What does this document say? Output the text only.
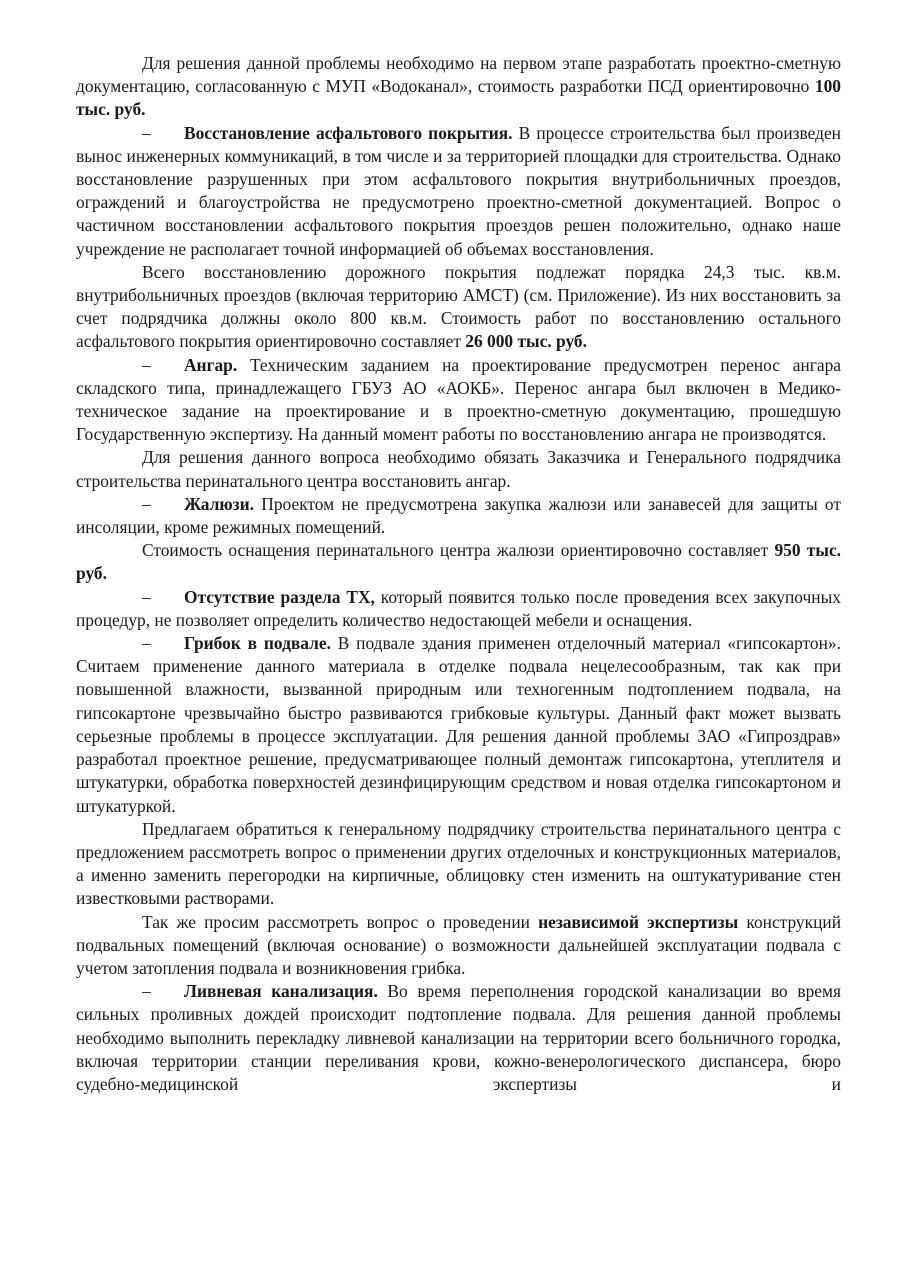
Для решения данной проблемы необходимо на первом этапе разработать проектно-сметную документацию, согласованную с МУП «Водоканал», стоимость разработки ПСД ориентировочно 100 тыс. руб.

– Восстановление асфальтового покрытия. В процессе строительства был произведен вынос инженерных коммуникаций, в том числе и за территорией площадки для строительства. Однако восстановление разрушенных при этом асфальтового покрытия внутрибольничных проездов, ограждений и благоустройства не предусмотрено проектно-сметной документацией. Вопрос о частичном восстановлении асфальтового покрытия проездов решен положительно, однако наше учреждение не располагает точной информацией об объемах восстановления.

Всего восстановлению дорожного покрытия подлежат порядка 24,3 тыс. кв.м. внутрибольничных проездов (включая территорию АМСТ) (см. Приложение). Из них восстановить за счет подрядчика должны около 800 кв.м. Стоимость работ по восстановлению остального асфальтового покрытия ориентировочно составляет 26 000 тыс. руб.

– Ангар. Техническим заданием на проектирование предусмотрен перенос ангара складского типа, принадлежащего ГБУЗ АО «АОКБ». Перенос ангара был включен в Медико-техническое задание на проектирование и в проектно-сметную документацию, прошедшую Государственную экспертизу. На данный момент работы по восстановлению ангара не производятся.

Для решения данного вопроса необходимо обязать Заказчика и Генерального подрядчика строительства перинатального центра восстановить ангар.

– Жалюзи. Проектом не предусмотрена закупка жалюзи или занавесей для защиты от инсоляции, кроме режимных помещений.

Стоимость оснащения перинатального центра жалюзи ориентировочно составляет 950 тыс. руб.

– Отсутствие раздела ТХ, который появится только после проведения всех закупочных процедур, не позволяет определить количество недостающей мебели и оснащения.

– Грибок в подвале. В подвале здания применен отделочный материал «гипсокартон». Считаем применение данного материала в отделке подвала нецелесообразным, так как при повышенной влажности, вызванной природным или техногенным подтоплением подвала, на гипсокартоне чрезвычайно быстро развиваются грибковые культуры. Данный факт может вызвать серьезные проблемы в процессе эксплуатации. Для решения данной проблемы ЗАО «Гипроздрав» разработал проектное решение, предусматривающее полный демонтаж гипсокартона, утеплителя и штукатурки, обработка поверхностей дезинфицирующим средством и новая отделка гипсокартоном и штукатуркой.

Предлагаем обратиться к генеральному подрядчику строительства перинатального центра с предложением рассмотреть вопрос о применении других отделочных и конструкционных материалов, а именно заменить перегородки на кирпичные, облицовку стен изменить на оштукатуривание стен известковыми растворами.

Так же просим рассмотреть вопрос о проведении независимой экспертизы конструкций подвальных помещений (включая основание) о возможности дальнейшей эксплуатации подвала с учетом затопления подвала и возникновения грибка.

– Ливневая канализация. Во время переполнения городской канализации во время сильных проливных дождей происходит подтопление подвала. Для решения данной проблемы необходимо выполнить перекладку ливневой канализации на территории всего больничного городка, включая территории станции переливания крови, кожно-венерологического диспансера, бюро судебно-медицинской экспертизы и
